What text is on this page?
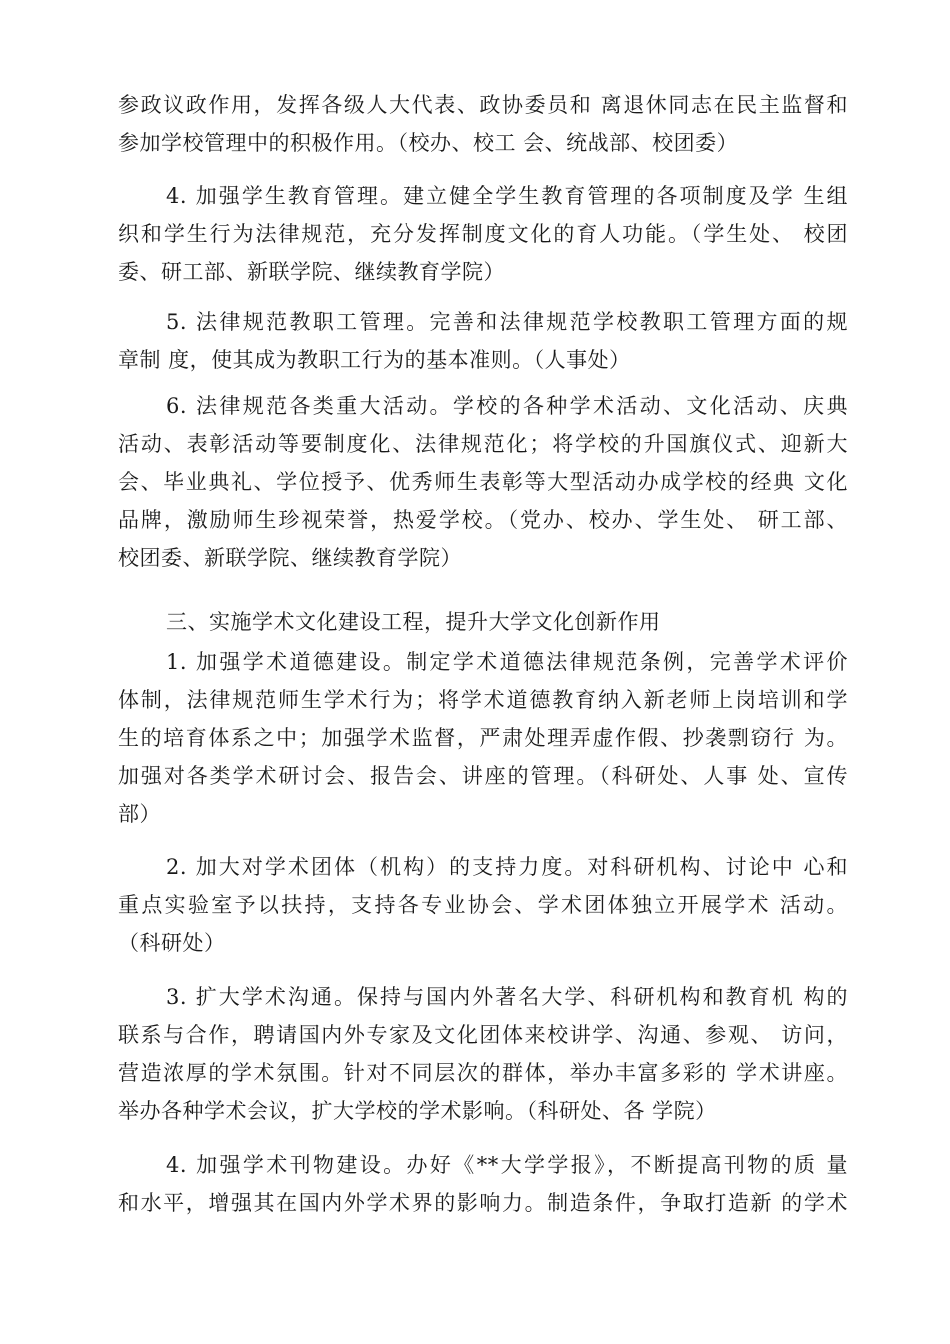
参政议政作用，发挥各级人大代表、政协委员和 离退休同志在民主监督和
参加学校管理中的积极作用。（校办、校工 会、统战部、校团委）
4. 加强学生教育管理。建立健全学生教育管理的各项制度及学 生组
织和学生行为法律规范，充分发挥制度文化的育人功能。（学生处、 校团
委、研工部、新联学院、继续教育学院）
5. 法律规范教职工管理。完善和法律规范学校教职工管理方面的规
章制 度，使其成为教职工行为的基本准则。（人事处）
6. 法律规范各类重大活动。学校的各种学术活动、文化活动、庆典
活动、表彰活动等要制度化、法律规范化；将学校的升国旗仪式、迎新大
会、毕业典礼、学位授予、优秀师生表彰等大型活动办成学校的经典 文化
品牌，激励师生珍视荣誉，热爱学校。（党办、校办、学生处、 研工部、
校团委、新联学院、继续教育学院）
三、实施学术文化建设工程，提升大学文化创新作用
1. 加强学术道德建设。制定学术道德法律规范条例，完善学术评价
体制，法律规范师生学术行为；将学术道德教育纳入新老师上岗培训和学
生的培育体系之中；加强学术监督，严肃处理弄虚作假、抄袭剽窃行 为。
加强对各类学术研讨会、报告会、讲座的管理。（科研处、人事 处、宣传
部）
2. 加大对学术团体（机构）的支持力度。对科研机构、讨论中 心和
重点实验室予以扶持，支持各专业协会、学术团体独立开展学术 活动。
（科研处）
3. 扩大学术沟通。保持与国内外著名大学、科研机构和教育机 构的
联系与合作，聘请国内外专家及文化团体来校讲学、沟通、参观、 访问，
营造浓厚的学术氛围。针对不同层次的群体，举办丰富多彩的 学术讲座。
举办各种学术会议，扩大学校的学术影响。（科研处、各 学院）
4. 加强学术刊物建设。办好《**大学学报》，不断提高刊物的质 量
和水平，增强其在国内外学术界的影响力。制造条件，争取打造新 的学术
